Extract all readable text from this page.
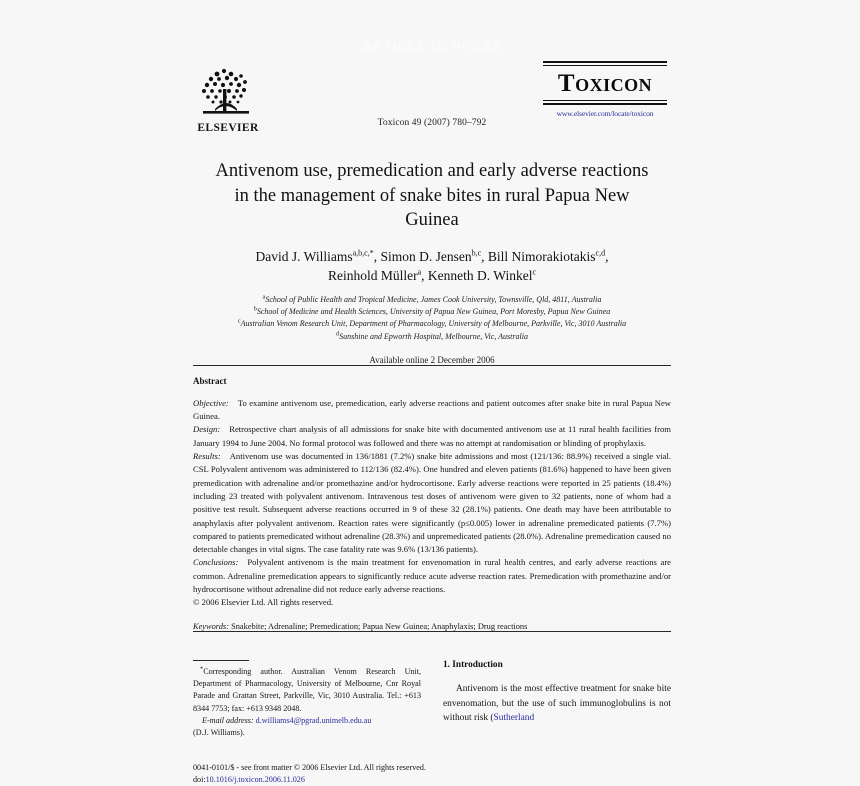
ARTICLE IN PRESS
ELSEVIER	Toxicon 49 (2007) 780–792
Toxicon
www.elsevier.com/locate/toxicon
Antivenom use, premedication and early adverse reactions in the management of snake bites in rural Papua New Guinea
David J. Williams$^{a,b,c,*}$, Simon D. Jensen$^{b,c}$, Bill Nimorakiotakis$^{c,d}$,
Reinhold Müller$^a$, Kenneth D. Winkel$^c$
$^a$School of Public Health and Tropical Medicine, James Cook University, Townsville, Qld, 4811, Australia
$^b$School of Medicine and Health Sciences, University of Papua New Guinea, Port Moresby, Papua New Guinea
$^c$Australian Venom Research Unit, Department of Pharmacology, University of Melbourne, Parkville, Vic, 3010 Australia
$^d$Sunshine and Epworth Hospital, Melbourne, Vic, Australia
Available online 2 December 2006
Abstract

Objective: To examine antivenom use, premedication, early adverse reactions and patient outcomes after snake bite in rural Papua New Guinea.

Design: Retrospective chart analysis of all admissions for snake bite with documented antivenom use at 11 rural health facilities from January 1994 to June 2004. No formal protocol was followed and there was no attempt at randomisation or blinding of prophylaxis.

Results: Antivenom use was documented in 136/1881 (7.2%) snake bite admissions and most (121/136: 88.9%) received a single vial. CSL Polyvalent antivenom was administered to 112/136 (82.4%). One hundred and eleven patients (81.6%) happened to have been given premedication with adrenaline and/or promethazine and/or hydrocortisone. Early adverse reactions were reported in 25 patients (18.4%) including 23 treated with polyvalent antivenom. Intravenous test doses of antivenom were given to 32 patients, none of whom had a positive test result. Subsequent adverse reactions occurred in 9 of these 32 (28.1%) patients. One death may have been attributable to anaphylaxis after polyvalent antivenom. Reaction rates were significantly (p≤0.005) lower in adrenaline premedicated patients (7.7%) compared to patients premedicated without adrenaline (28.3%) and unpremedicated patients (28.0%). Adrenaline premedication caused no detectable changes in vital signs. The case fatality rate was 9.6% (13/136 patients).

Conclusions: Polyvalent antivenom is the main treatment for envenomation in rural health centres, and early adverse reactions are common. Adrenaline premedication appears to significantly reduce acute adverse reaction rates. Premedication with promethazine and/or hydrocortisone without adrenaline did not reduce early adverse reactions.

© 2006 Elsevier Ltd. All rights reserved.

Keywords: Snakebite; Adrenaline; Premedication; Papua New Guinea; Anaphylaxis; Drug reactions

*Corresponding author. Australian Venom Research Unit, Department of Pharmacology, University of Melbourne, Cnr Royal Parade and Grattan Street, Parkville, Vic, 3010 Australia. Tel.: +613 8344 7753; fax: +613 9348 2048.

E-mail address: d.williams4@pgrad.unimelb.edu.au

(D.J. Williams).

0041-0101/$ - see front matter © 2006 Elsevier Ltd. All rights reserved.
doi:10.1016/j.toxicon.2006.11.026
1. Introduction

Antivenom is the most effective treatment for snake bite envenomation, but the use of such immunoglobulins is not without risk (Sutherland
